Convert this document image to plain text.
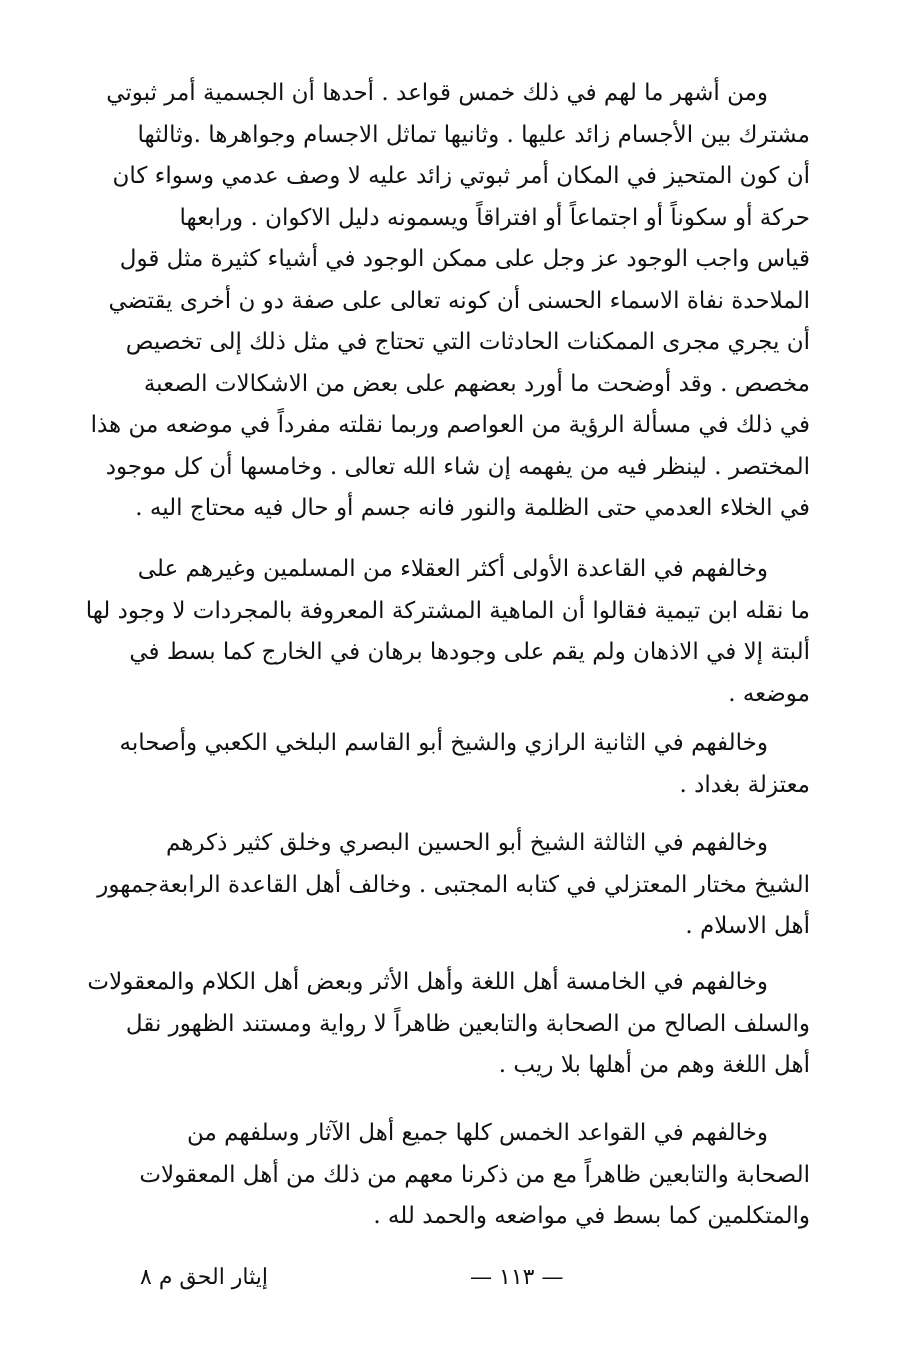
ومن أشهر ما لهم في ذلك خمس قواعد . أحدها أن الجسمية أمر ثبوتي
مشترك بين الأجسام زائد عليها . وثانيها تماثل الاجسام وجواهرها .وثالثها
أن كون المتحيز في المكان أمر ثبوتي زائد عليه لا وصف عدمي وسواء كان
حركة أو سكوناً أو اجتماعاً أو افتراقاً ويسمونه دليل الاكوان . ورابعها
قياس واجب الوجود عز وجل على ممكن الوجود في أشياء كثيرة مثل قول
الملاحدة نفاة الاسماء الحسنى أن كونه تعالى على صفة دو ن أخرى يقتضي
أن يجري مجرى الممكنات الحادثات التي تحتاج في مثل ذلك إلى تخصيص
مخصص . وقد أوضحت ما أورد بعضهم على بعض من الاشكالات الصعبة
في ذلك في مسألة الرؤية من العواصم وربما نقلته مفرداً في موضعه من هذا
المختصر . لينظر فيه من يفهمه إن شاء الله تعالى . وخامسها أن كل موجود
في الخلاء العدمي حتى الظلمة والنور فانه جسم أو حال فيه محتاج اليه .
وخالفهم في القاعدة الأولى أكثر العقلاء من المسلمين وغيرهم على
ما نقله ابن تيمية فقالوا أن الماهية المشتركة المعروفة بالمجردات لا وجود لها
ألبتة إلا في الاذهان ولم يقم على وجودها برهان في الخارج كما بسط في
موضعه .
وخالفهم في الثانية الرازي والشيخ أبو القاسم البلخي الكعبي وأصحابه
معتزلة بغداد .
وخالفهم في الثالثة الشيخ أبو الحسين البصري وخلق كثير ذكرهم
الشيخ مختار المعتزلي في كتابه المجتبى . وخالف أهل القاعدة الرابعةجمهور
أهل الاسلام .
وخالفهم في الخامسة أهل اللغة وأهل الأثر وبعض أهل الكلام والمعقولات
والسلف الصالح من الصحابة والتابعين ظاهراً لا رواية ومستند الظهور نقل
أهل اللغة وهم من أهلها بلا ريب .
وخالفهم في القواعد الخمس كلها جميع أهل الآثار وسلفهم من
الصحابة والتابعين ظاهراً مع من ذكرنا معهم من ذلك من أهل المعقولات
والمتكلمين كما بسط في مواضعه والحمد لله .
— ١١٣ —
إيثار الحق م ٨
